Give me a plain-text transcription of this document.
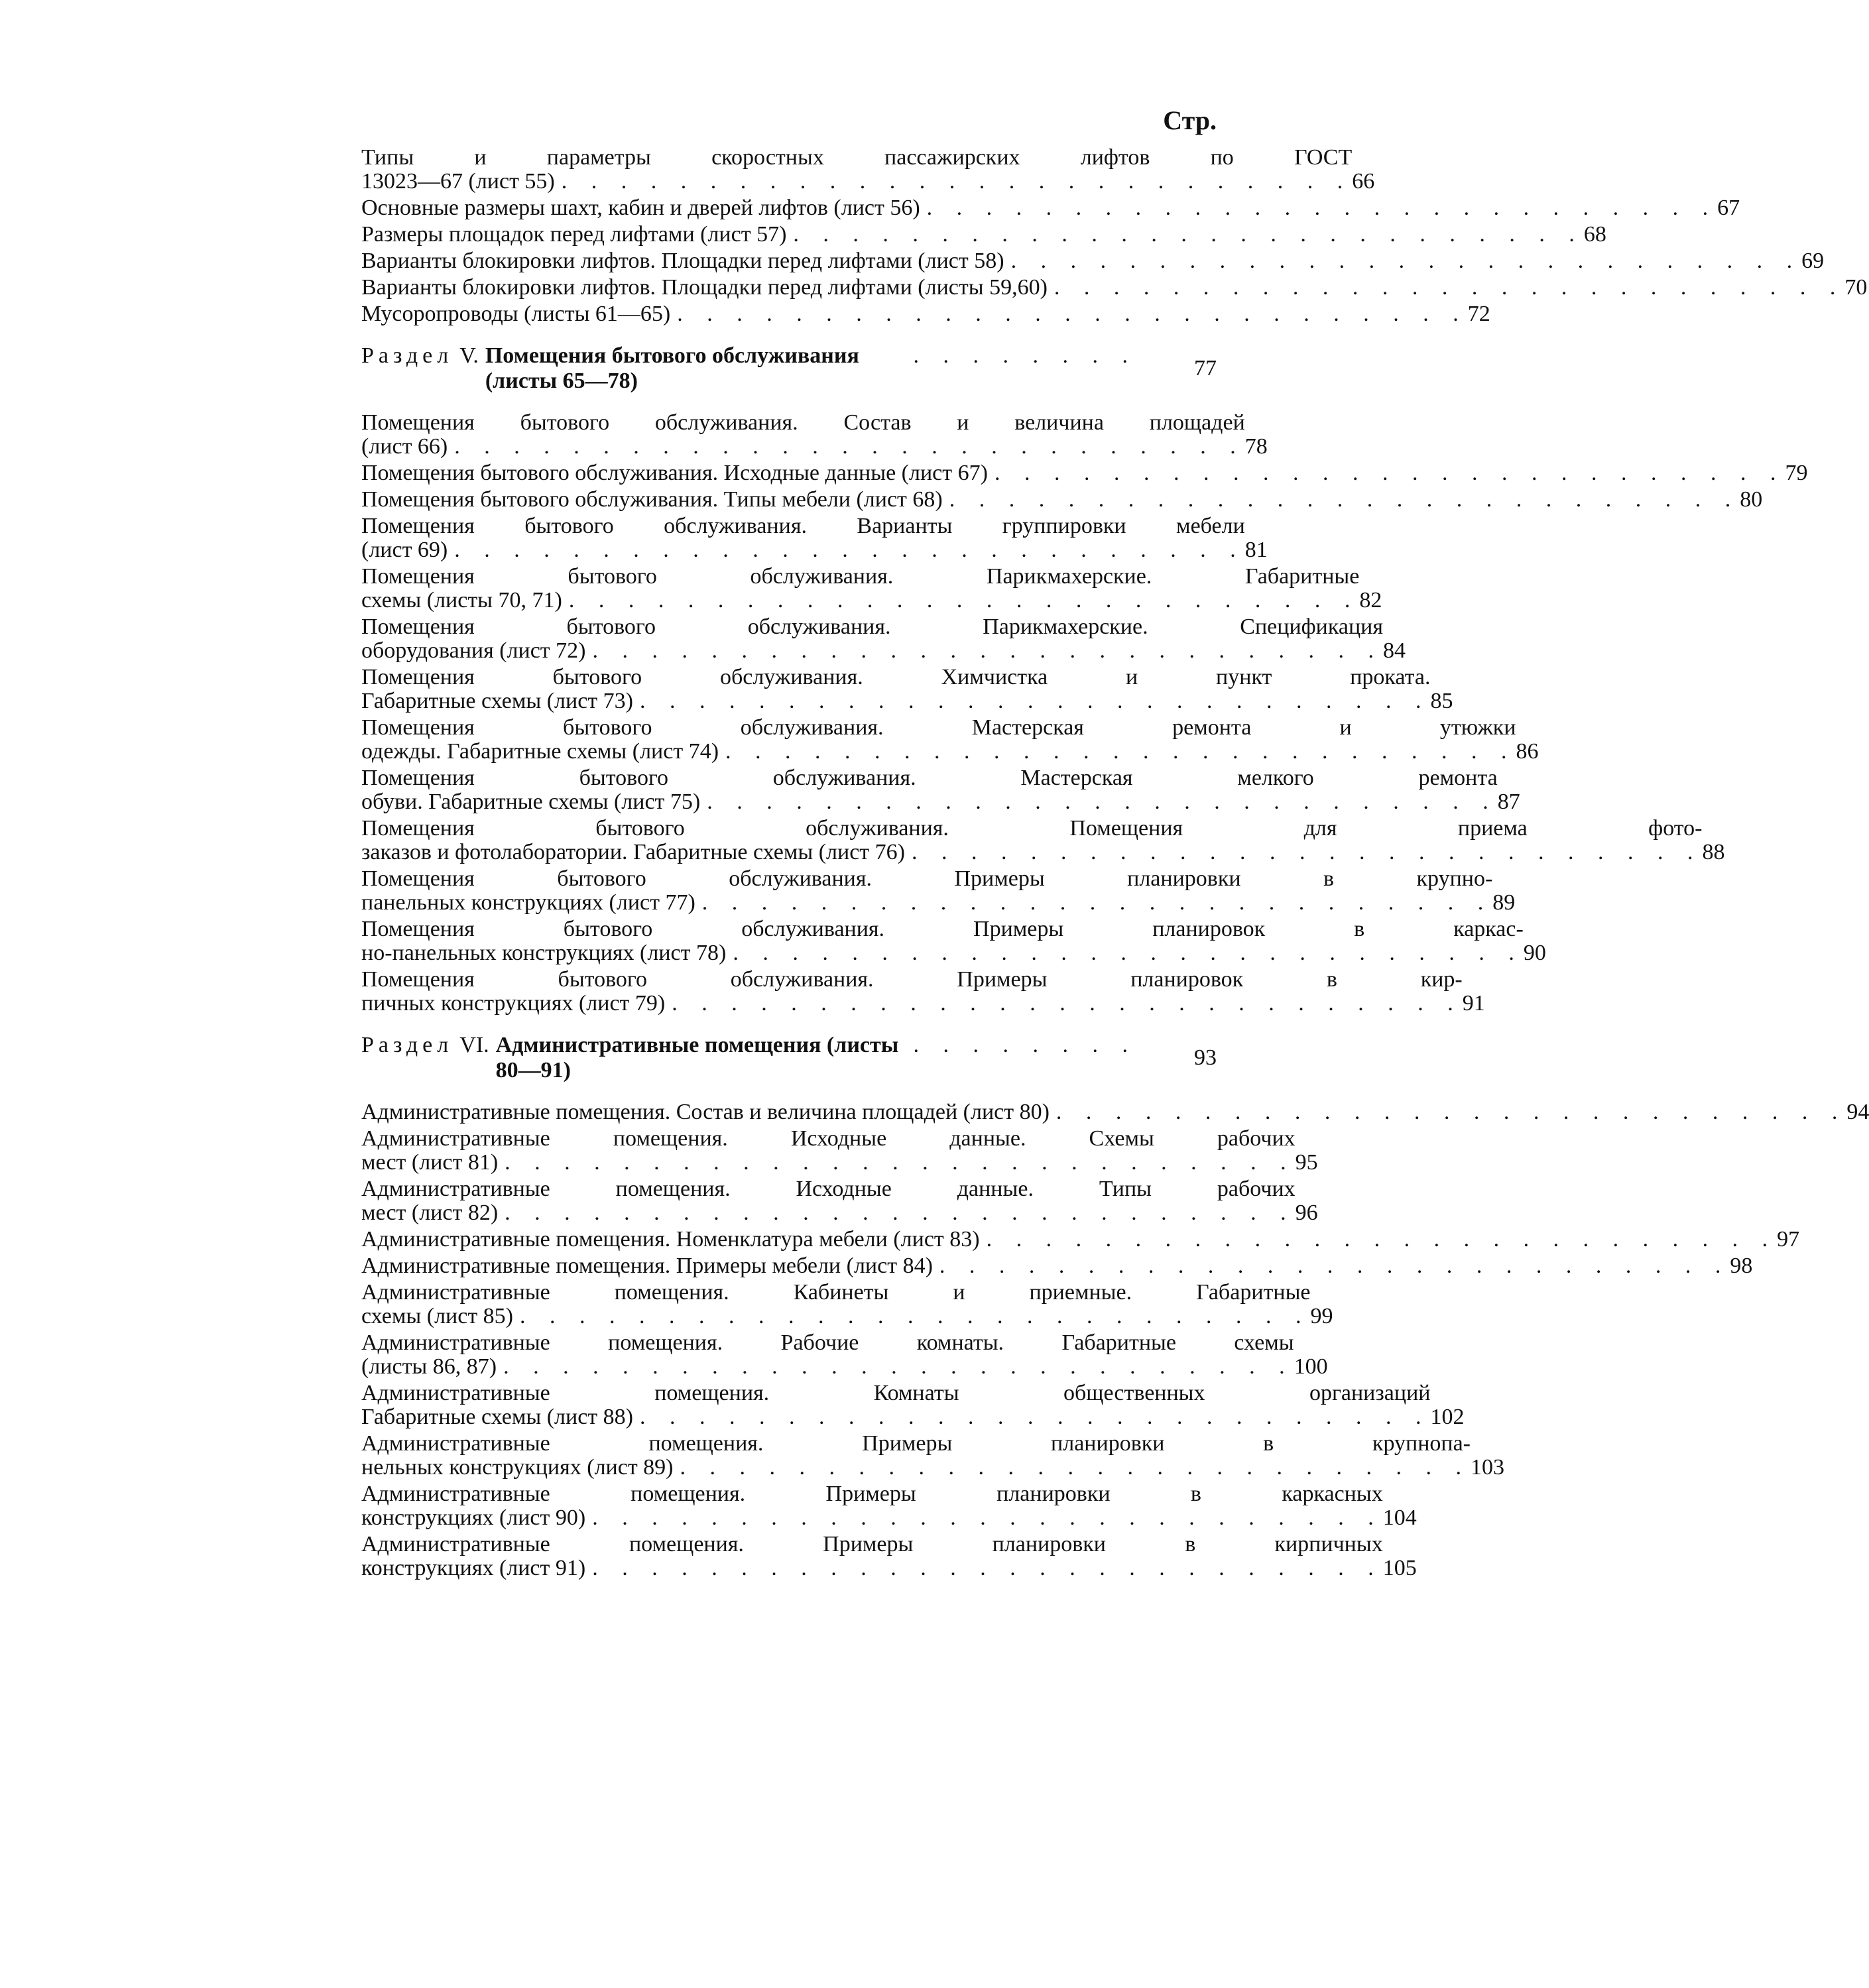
Стр.
Типы и параметры скоростных пассажирских лифтов по ГОСТ
13023—67 (лист 55) . . . . . . . . . . . . . . . . . . . . . . . . . . . 66
Основные размеры шахт, кабин и дверей лифтов (лист 56) . . . . . . . . . . . . . . . . . . . . . . . . . . . 67
Размеры площадок перед лифтами (лист 57) . . . . . . . . . . . . . . . . . . . . . . . . . . . 68
Варианты блокировки лифтов. Площадки перед лифтами (лист 58) . . . . . . . . . . . . . . . . . . . . . . . . . . . 69
Варианты блокировки лифтов. Площадки перед лифтами (листы 59,60) . . . . . . . . . . . . . . . . . . . . . . . . . . . 70
Мусоропроводы (листы 61—65) . . . . . . . . . . . . . . . . . . . . . . . . . . . 72
Раздел V. Помещения бытового обслуживания (листы 65—78)
. . . . . . . .
77
Помещения бытового обслуживания. Состав и величина площадей
(лист 66) . . . . . . . . . . . . . . . . . . . . . . . . . . . 78
Помещения бытового обслуживания. Исходные данные (лист 67) . . . . . . . . . . . . . . . . . . . . . . . . . . . 79
Помещения бытового обслуживания. Типы мебели (лист 68) . . . . . . . . . . . . . . . . . . . . . . . . . . . 80
Помещения бытового обслуживания. Варианты группировки мебели
(лист 69) . . . . . . . . . . . . . . . . . . . . . . . . . . . 81
Помещения бытового обслуживания. Парикмахерские. Габаритные
схемы (листы 70, 71) . . . . . . . . . . . . . . . . . . . . . . . . . . . 82
Помещения бытового обслуживания. Парикмахерские. Спецификация
оборудования (лист 72) . . . . . . . . . . . . . . . . . . . . . . . . . . . 84
Помещения бытового обслуживания. Химчистка и пункт проката.
Габаритные схемы (лист 73) . . . . . . . . . . . . . . . . . . . . . . . . . . . 85
Помещения бытового обслуживания. Мастерская ремонта и утюжки
одежды. Габаритные схемы (лист 74) . . . . . . . . . . . . . . . . . . . . . . . . . . . 86
Помещения бытового обслуживания. Мастерская мелкого ремонта
обуви. Габаритные схемы (лист 75) . . . . . . . . . . . . . . . . . . . . . . . . . . . 87
Помещения бытового обслуживания. Помещения для приема фото-
заказов и фотолаборатории. Габаритные схемы (лист 76) . . . . . . . . . . . . . . . . . . . . . . . . . . . 88
Помещения бытового обслуживания. Примеры планировки в крупно-
панельных конструкциях (лист 77) . . . . . . . . . . . . . . . . . . . . . . . . . . . 89
Помещения бытового обслуживания. Примеры планировок в каркас-
но-панельных конструкциях (лист 78) . . . . . . . . . . . . . . . . . . . . . . . . . . . 90
Помещения бытового обслуживания. Примеры планировок в кир-
пичных конструкциях (лист 79) . . . . . . . . . . . . . . . . . . . . . . . . . . . 91
Раздел VI. Административные помещения (листы 80—91)
. . . . . . . .
93
Административные помещения. Состав и величина площадей (лист 80) . . . . . . . . . . . . . . . . . . . . . . . . . . . 94
Административные помещения. Исходные данные. Схемы рабочих
мест (лист 81) . . . . . . . . . . . . . . . . . . . . . . . . . . . 95
Административные помещения. Исходные данные. Типы рабочих
мест (лист 82) . . . . . . . . . . . . . . . . . . . . . . . . . . . 96
Административные помещения. Номенклатура мебели (лист 83) . . . . . . . . . . . . . . . . . . . . . . . . . . . 97
Административные помещения. Примеры мебели (лист 84) . . . . . . . . . . . . . . . . . . . . . . . . . . . 98
Административные помещения. Кабинеты и приемные. Габаритные
схемы (лист 85) . . . . . . . . . . . . . . . . . . . . . . . . . . . 99
Административные помещения. Рабочие комнаты. Габаритные схемы
(листы 86, 87) . . . . . . . . . . . . . . . . . . . . . . . . . . . 100
Административные помещения. Комнаты общественных организаций
Габаритные схемы (лист 88) . . . . . . . . . . . . . . . . . . . . . . . . . . . 102
Административные помещения. Примеры планировки в крупнопа-
нельных конструкциях (лист 89) . . . . . . . . . . . . . . . . . . . . . . . . . . . 103
Административные помещения. Примеры планировки в каркасных
конструкциях (лист 90) . . . . . . . . . . . . . . . . . . . . . . . . . . . 104
Административные помещения. Примеры планировки в кирпичных
конструкциях (лист 91) . . . . . . . . . . . . . . . . . . . . . . . . . . . 105
